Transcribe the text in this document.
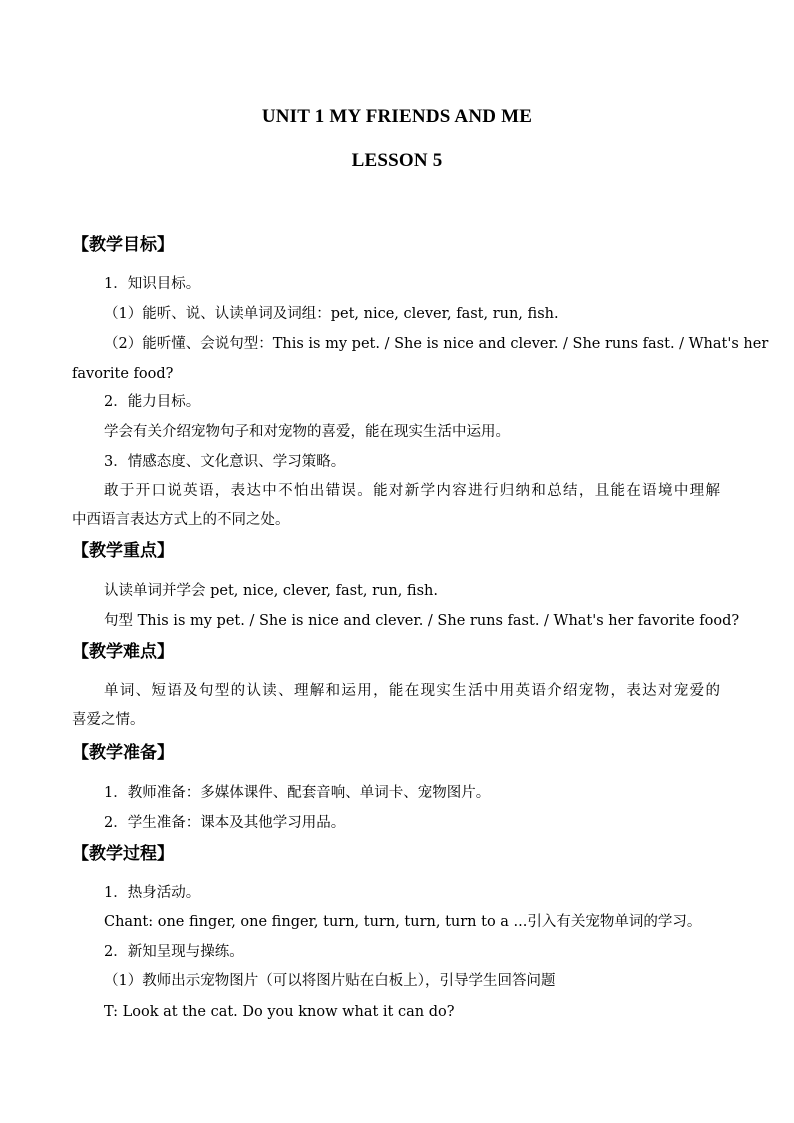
UNIT 1 MY FRIENDS AND ME
LESSON 5
【教学目标】
1．知识目标。
（1）能听、说、认读单词及词组：pet, nice, clever, fast, run, fish.
（2）能听懂、会说句型：This is my pet. / She is nice and clever. / She runs fast. / What's her
favorite food?
2．能力目标。
学会有关介绍宠物句子和对宠物的喜爱，能在现实生活中运用。
3．情感态度、文化意识、学习策略。
敢于开口说英语，表达中不怕出错误。能对新学内容进行归纳和总结，且能在语境中理解
中西语言表达方式上的不同之处。
【教学重点】
认读单词并学会 pet, nice, clever, fast, run, fish.
句型 This is my pet. / She is nice and clever. / She runs fast. / What's her favorite food?
【教学难点】
单词、短语及句型的认读、理解和运用，能在现实生活中用英语介绍宠物，表达对宠爱的
喜爱之情。
【教学准备】
1．教师准备：多媒体课件、配套音响、单词卡、宠物图片。
2．学生准备：课本及其他学习用品。
【教学过程】
1．热身活动。
Chant: one finger, one finger, turn, turn, turn, turn to a ...引入有关宠物单词的学习。
2．新知呈现与操练。
（1）教师出示宠物图片（可以将图片贴在白板上），引导学生回答问题
T: Look at the cat. Do you know what it can do?
